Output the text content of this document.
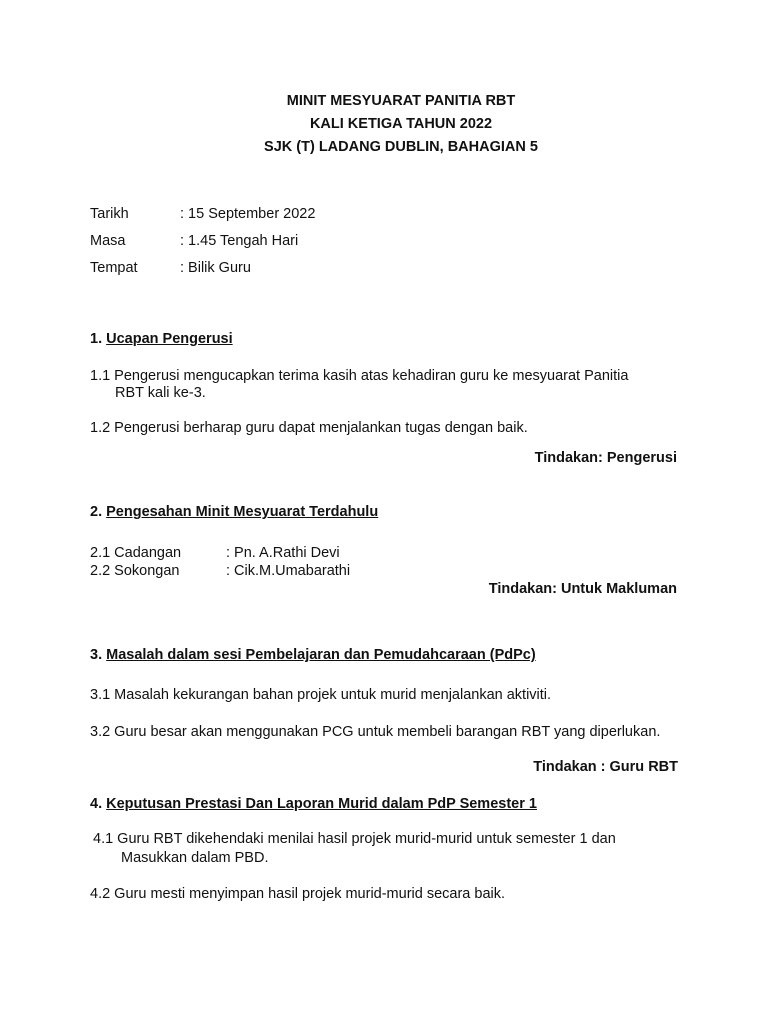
MINIT MESYUARAT PANITIA RBT
KALI KETIGA TAHUN 2022
SJK (T) LADANG DUBLIN, BAHAGIAN 5
Tarikh	: 15 September 2022
Masa	: 1.45 Tengah Hari
Tempat	: Bilik Guru
1. Ucapan Pengerusi
1.1 Pengerusi mengucapkan terima kasih atas kehadiran guru ke mesyuarat Panitia
RBT kali ke-3.
1.2 Pengerusi berharap guru dapat menjalankan tugas dengan baik.
Tindakan: Pengerusi
2. Pengesahan Minit Mesyuarat Terdahulu
2.1 Cadangan	: Pn. A.Rathi Devi
2.2 Sokongan	: Cik.M.Umabarathi
Tindakan: Untuk Makluman
3. Masalah dalam sesi Pembelajaran dan Pemudahcaraan (PdPc)
3.1 Masalah kekurangan bahan projek untuk murid menjalankan aktiviti.
3.2 Guru besar akan menggunakan PCG untuk membeli barangan RBT yang diperlukan.
Tindakan : Guru RBT
4. Keputusan Prestasi Dan Laporan Murid dalam PdP Semester 1
4.1 Guru RBT dikehendaki menilai hasil projek murid-murid untuk semester 1 dan
Masukkan dalam PBD.
4.2 Guru mesti menyimpan hasil projek murid-murid secara baik.
